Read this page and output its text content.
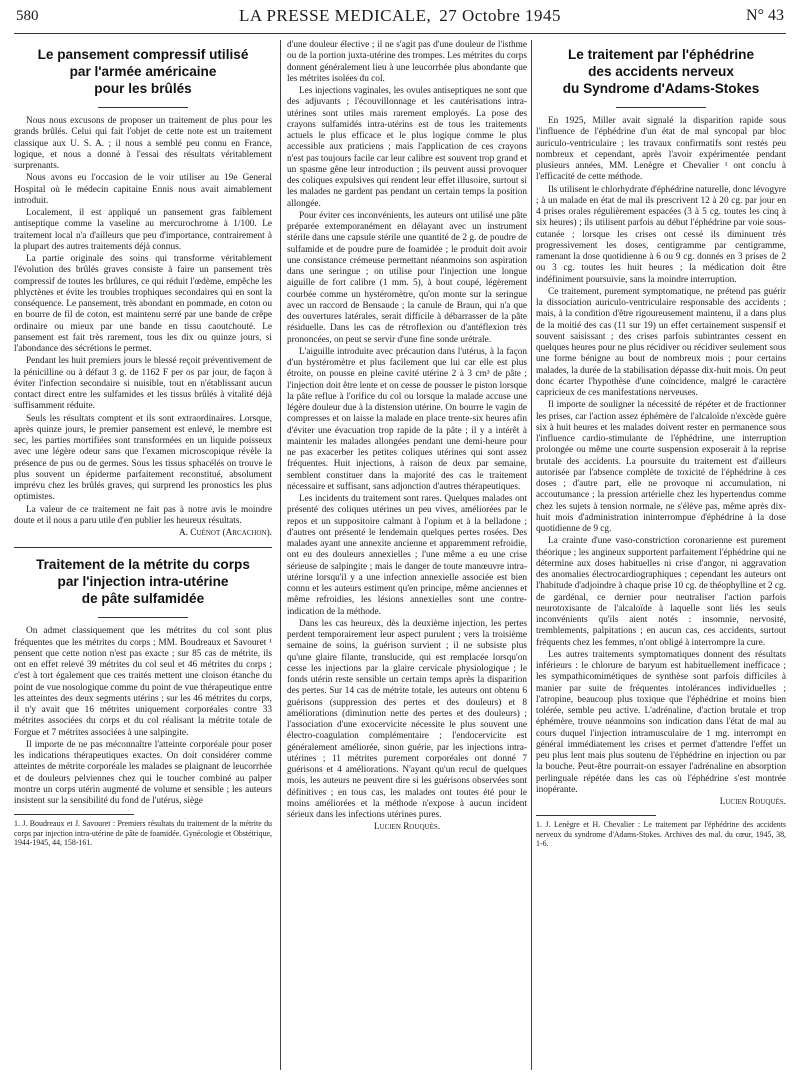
580	LA PRESSE MEDICALE, 27 Octobre 1945	N° 43
Le pansement compressif utilisé
par l'armée américaine
pour les brûlés

Nous nous excusons de proposer un traitement de plus pour les grands brûlés. Celui qui fait l'objet de cette note est un traitement classique aux U. S. A. ; il nous a semblé peu connu en France, logique, et nous a donné à l'essai des résultats véritablement surprenants.

Nous avons eu l'occasion de le voir utiliser au 19e General Hospital où le médecin capitaine Ennis nous avait aimablement introduit.

Localement, il est appliqué un pansement gras faiblement antiseptique comme la vaseline au mercurochrome à 1/100. Le traitement local n'a d'ailleurs que peu d'importance, contrairement à la plupart des autres traitements déjà connus.

La partie originale des soins qui transforme véritablement l'évolution des brûlés graves consiste à faire un pansement très compressif de toutes les brûlures, ce qui réduit l'œdème, empêche les phlyctènes et évite les troubles trophiques secondaires qui en sont la conséquence. Le pansement, très abondant en pommade, en coton ou en bourre de fil de coton, est maintenu serré par une bande de crêpe ordinaire ou mieux par une bande en tissu caoutchouté. Le pansement est fait très rarement, tous les dix ou quinze jours, si l'abondance des sécrétions le permet.

Pendant les huit premiers jours le blessé reçoit préventivement de la pénicilline ou à défaut 3 g. de 1162 F per os par jour, de façon à éviter l'infection secondaire si nuisible, tout en n'établissant aucun contact direct entre les sulfamides et les tissus brûlés à vitalité déjà suffisamment réduite.

Seuls les résultats comptent et ils sont extraordinaires. Lorsque, après quinze jours, le premier pansement est enlevé, le membre est sec, les parties mortifiées sont transformées en un liquide poisseux avec une légère odeur sans que l'examen microscopique révèle la présence de pus ou de germes. Sous les tissus sphacélés on trouve le plus souvent un épiderme parfaitement reconstitué, absolument imprévu chez les brûlés graves, qui surprend les pronostics les plus optimistes.

La valeur de ce traitement ne fait pas à notre avis le moindre doute et il nous a paru utile d'en publier les heureux résultats.

A. Cuénot (Arcachon).

Traitement de la métrite du corps
par l'injection intra-utérine
de pâte sulfamidée

On admet classiquement que les métrites du col sont plus fréquentes que les métrites du corps ; MM. Boudreaux et Savouret ¹ pensent que cette notion n'est pas exacte ; sur 85 cas de métrite, ils ont en effet relevé 39 métrites du col seul et 46 métrites du corps ; c'est à tort également que ces traités mettent une cloison étanche du point de vue nosologique comme du point de vue thérapeutique entre les atteintes des deux segments utérins ; sur les 46 métrites du corps, il n'y avait que 16 métrites uniquement corporéales contre 33 métrites associées du corps et du col réalisant la métrite totale de Forgue et 7 métrites associées à une salpingite.

Il importe de ne pas méconnaître l'atteinte corporéale pour poser les indications thérapeutiques exactes. On doit considérer comme atteintes de métrite corporéale les malades se plaignant de leucorrhée et de douleurs pelviennes chez qui le toucher combiné au palper montre un corps utérin augmenté de volume et sensible ; les auteurs insistent sur la sensibilité du fond de l'utérus, siège

1. J. Boudreaux et J. Savouret : Premiers résultats du traitement de la métrite du corps par injection intra-utérine de pâte de foamidée. Gynécologie et Obstétrique, 1944-1945, 44, 158-161.

d'une douleur élective ; il ne s'agit pas d'une douleur de l'isthme ou de la portion juxta-utérine des trompes. Les métrites du corps donnent généralement lieu à une leucorrhée plus abondante que les métrites isolées du col.

Les injections vaginales, les ovules antiseptiques ne sont que des adjuvants ; l'écouvillonnage et les cautérisations intra-utérines sont utiles mais rarement employés. La pose des crayons sulfamidés intra-utérins est de tous les traitements actuels le plus efficace et le plus logique comme le plus accessible aux praticiens ; mais l'application de ces crayons n'est pas toujours facile car leur calibre est souvent trop grand et un spasme gêne leur introduction ; ils peuvent aussi provoquer des coliques expulsives qui rendent leur effet illusoire, surtout si les malades ne gardent pas pendant un certain temps la position allongée.

Pour éviter ces inconvénients, les auteurs ont utilisé une pâte préparée extemporanément en délayant avec un instrument stérile dans une capsule stérile une quantité de 2 g. de poudre de sulfamide et de poudre pure de foamidée ; le produit doit avoir une consistance crémeuse permettant néanmoins son aspiration dans une seringue ; on utilise pour l'injection une longue aiguille de fort calibre (1 mm. 5), à bout coupé, légèrement courbée comme un hystéromètre, qu'on monte sur la seringue avec un raccord de Bensaude ; la canule de Braun, qui n'a que des ouvertures latérales, serait difficile à débarrasser de la pâte résiduelle. Dans les cas de rétroflexion ou d'antéflexion très prononcées, on peut se servir d'une fine sonde urétrale.

L'aiguille introduite avec précaution dans l'utérus, à la façon d'un hystéromètre et plus facilement que lui car elle est plus étroite, on pousse en pleine cavité utérine 2 à 3 cm³ de pâte ; l'injection doit être lente et on cesse de pousser le piston lorsque la pâte reflue à l'orifice du col ou lorsque la malade accuse une légère douleur due à la distension utérine. On bourre le vagin de compresses et on laisse la malade en place trente-six heures afin d'éviter une évacuation trop rapide de la pâte ; il y a intérêt à maintenir les malades allongées pendant une demi-heure pour ne pas exacerber les petites coliques utérines qui sont assez fréquentes. Huit injections, à raison de deux par semaine, semblent constituer dans la majorité des cas le traitement nécessaire et suffisant, sans adjonction d'autres thérapeutiques.

Les incidents du traitement sont rares. Quelques malades ont présenté des coliques utérines un peu vives, améliorées par le repos et un suppositoire calmant à l'opium et à la belladone ; d'autres ont présenté le lendemain quelques pertes rosées. Des malades ayant une annexite ancienne et apparemment refroidie, ont eu des douleurs annexielles ; l'une même a eu une crise sérieuse de salpingite ; mais le danger de toute manœuvre intra-utérine lorsqu'il y a une infection annexielle associée est bien connu et les auteurs estiment qu'en principe, même anciennes et même refroidies, les lésions annexielles sont une contre-indication de la méthode.

Dans les cas heureux, dès la deuxième injection, les pertes perdent temporairement leur aspect purulent ; vers la troisième semaine de soins, la guérison survient ; il ne subsiste plus qu'une glaire filante, translucide, qui est remplacée lorsqu'on cesse les injections par la glaire cervicale physiologique ; le fonds utérin reste sensible un certain temps après la disparition des pertes. Sur 14 cas de métrite totale, les auteurs ont obtenu 6 guérisons (suppression des pertes et des douleurs) et 8 améliorations (diminution nette des pertes et des douleurs) ; l'association d'une exocervicite nécessite le plus souvent une électro-coagulation complémentaire ; l'endocervicite est généralement améliorée, sinon guérie, par les injections intra-utérines ; 11 métrites purement corporéales ont donné 7 guérisons et 4 améliorations. N'ayant qu'un recul de quelques mois, les auteurs ne peuvent dire si les guérisons observées sont définitives ; en tous cas, les malades ont toutes été pour le moins améliorées et la méthode n'expose à aucun incident sérieux dans les infections utérines pures.

Lucien Rouquès.

Le traitement par l'éphédrine
des accidents nerveux
du Syndrome d'Adams-Stokes

En 1925, Miller avait signalé la disparition rapide sous l'influence de l'éphédrine d'un état de mal syncopal par bloc auriculo-ventriculaire ; les travaux confirmatifs sont restés peu nombreux et cependant, après l'avoir expérimentée pendant plusieurs années, MM. Lenègre et Chevalier ¹ ont conclu à l'efficacité de cette méthode.

Ils utilisent le chlorhydrate d'éphédrine naturelle, donc lévogyre ; à un malade en état de mal ils prescrivent 12 à 20 cg. par jour en 4 prises orales régulièrement espacées (3 à 5 cg. toutes les cinq à six heures) ; ils utilisent parfois au début l'éphédrine par voie sous-cutanée ; lorsque les crises ont cessé ils diminuent très progressivement les doses, centigramme par centigramme, ramenant la dose quotidienne à 6 ou 9 cg. donnés en 3 prises de 2 ou 3 cg. toutes les huit heures ; la médication doit être indéfiniment poursuivie, sans la moindre interruption.

Ce traitement, purement symptomatique, ne prétend pas guérir la dissociation auriculo-ventriculaire responsable des accidents ; mais, à la condition d'être rigoureusement maintenu, il a dans plus de la moitié des cas (11 sur 19) un effet certainement suspensif et souvent saisissant ; des crises parfois subintrantes cessent en quelques heures pour ne plus récidiver ou récidiver seulement sous une forme bénigne au bout de nombreux mois ; pour certains malades, la durée de la stabilisation dépasse dix-huit mois. On peut donc écarter l'hypothèse d'une coïncidence, malgré le caractère capricieux de ces manifestations nerveuses.

Il importe de souligner la nécessité de répéter et de fractionner les prises, car l'action assez éphémère de l'alcaloïde n'excède guère six à huit heures et les malades doivent rester en permanence sous l'influence cardio-stimulante de l'éphédrine, une interruption prolongée ou même une courte suspension exposerait à la reprise brutale des accidents. La poursuite du traitement est d'ailleurs autorisée par l'absence complète de toxicité de l'éphédrine à ces doses ; d'autre part, elle ne provoque ni accumulation, ni accoutumance ; la pression artérielle chez les hypertendus comme chez les sujets à tension normale, ne s'élève pas, même après dix-huit mois d'administration ininterrompue d'éphédrine à la dose quotidienne de 9 cg.

La crainte d'une vaso-constriction coronarienne est purement théorique ; les angineux supportent parfaitement l'éphédrine qui ne détermine aux doses habituelles ni crise d'angor, ni aggravation des anomalies électrocardiographiques ; cependant les auteurs ont l'habitude d'adjoindre à chaque prise 10 cg. de théophylline et 2 cg. de gardénal, ce dernier pour neutraliser l'action parfois neurotoxisante de l'alcaloïde à laquelle sont liés les seuls inconvénients qu'ils aient notés : insomnie, nervosité, tremblements, palpitations ; en aucun cas, ces accidents, surtout fréquents chez les femmes, n'ont obligé à interrompre la cure.

Les autres traitements symptomatiques donnent des résultats inférieurs : le chlorure de baryum est habituellement inefficace ; les sympathicomimétiques de synthèse sont parfois difficiles à manier par suite de fréquentes intolérances individuelles ; l'atropine, beaucoup plus toxique que l'éphédrine et moins bien tolérée, semble peu active. L'adrénaline, d'action brutale et trop éphémère, trouve néanmoins son indication dans l'état de mal au cours duquel l'injection intramusculaire de 1 mg. interrompt en général immédiatement les crises et permet d'attendre l'effet un peu plus lent mais plus soutenu de l'éphédrine en injection ou par la bouche. Peut-être pourrait-on essayer l'adrénaline en absorption perlinguale répétée dans les cas où l'éphédrine s'est montrée inopérante.

Lucien Rouquès.

1. J. Lenègre et H. Chevalier : Le traitement par l'éphédrine des accidents nerveux du syndrome d'Adams-Stokes. Archives des mal. du cœur, 1945, 38, 1-6.
